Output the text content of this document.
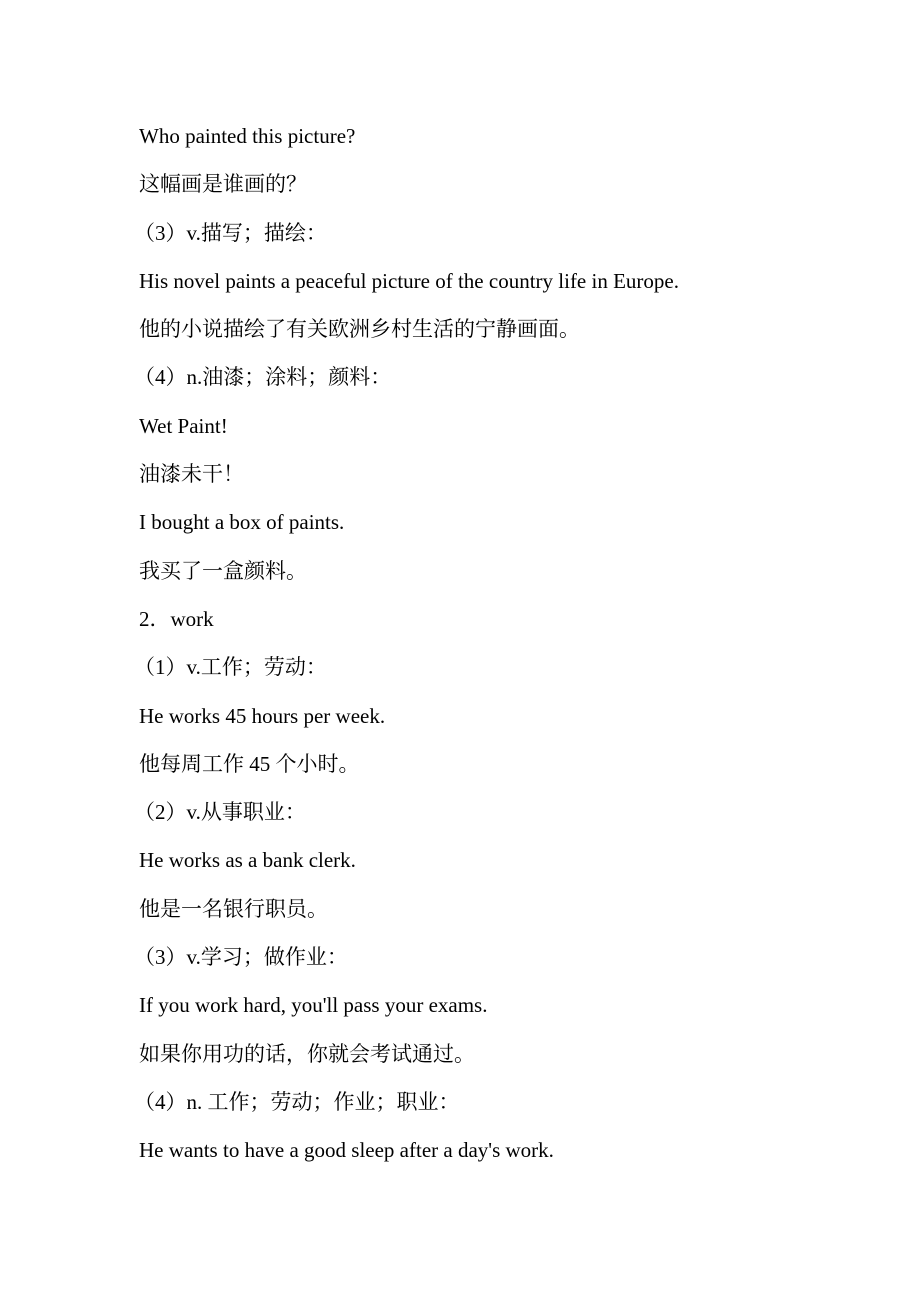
Who painted this picture?
这幅画是谁画的？
（3）v.描写；描绘：
His novel paints a peaceful picture of the country life in Europe.
他的小说描绘了有关欧洲乡村生活的宁静画面。
（4）n.油漆；涂料；颜料：
Wet Paint!
油漆未干！
I bought a box of paints.
我买了一盒颜料。
2．work
（1）v.工作；劳动：
He works 45 hours per week.
他每周工作 45 个小时。
（2）v.从事职业：
He works as a bank clerk.
他是一名银行职员。
（3）v.学习；做作业：
If you work hard, you'll pass your exams.
如果你用功的话，你就会考试通过。
（4）n. 工作；劳动；作业；职业：
He wants to have a good sleep after a day's work.
